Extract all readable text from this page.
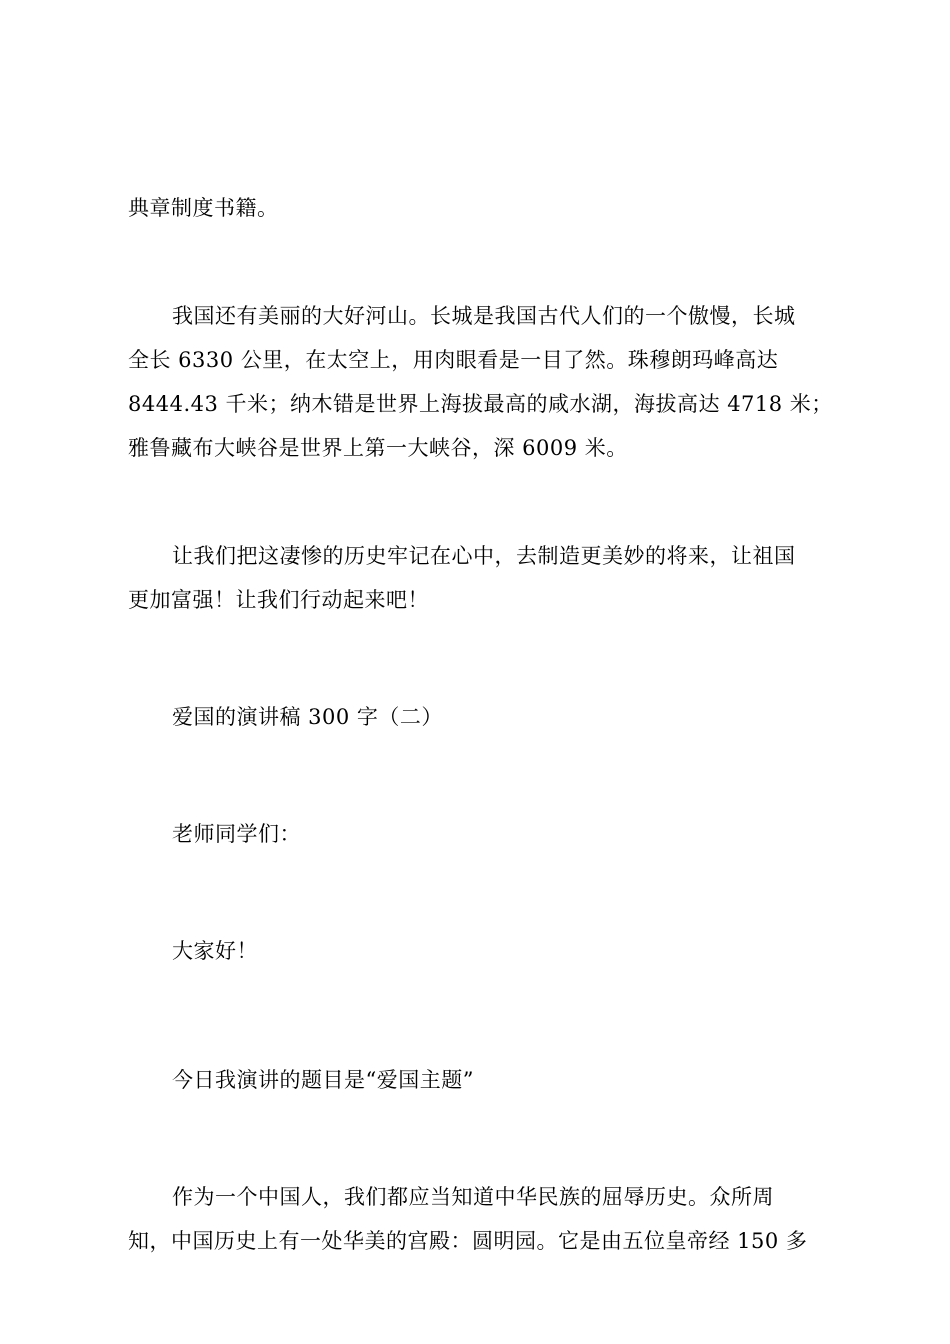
典章制度书籍。
我国还有美丽的大好河山。长城是我国古代人们的一个傲慢，长城
全长 6330 公里，在太空上，用肉眼看是一目了然。珠穆朗玛峰高达
8444.43 千米；纳木错是世界上海拔最高的咸水湖，海拔高达 4718 米；
雅鲁藏布大峡谷是世界上第一大峡谷，深 6009 米。
让我们把这凄惨的历史牢记在心中，去制造更美妙的将来，让祖国
更加富强！让我们行动起来吧！
爱国的演讲稿 300 字（二）
老师同学们：
大家好！
今日我演讲的题目是“爱国主题”
作为一个中国人，我们都应当知道中华民族的屈辱历史。众所周
知，中国历史上有一处华美的宫殿：圆明园。它是由五位皇帝经 150 多
